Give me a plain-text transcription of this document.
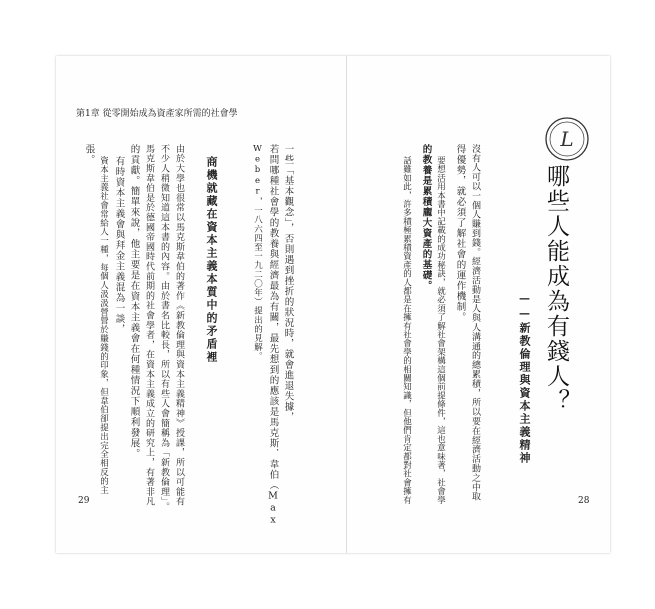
第1章 從零開始成為資產家所需的社會學
一些「基本觀念」，否則遇到挫折的狀況時，就會進退失據，
若問哪種社會學的教養與經濟最為有關，最先想到的應該是馬克斯．韋伯（Max
Weber，一八六四至一九二〇年）提出的見解。
商機就藏在資本主義本質中的矛盾裡
由於大學也很常以馬克斯韋伯的著作《新教倫理與資本主義精神》授課，所以可能有
不少人稍微知道這本書的內容。由於書名比較長，所以有些人會簡稱為「新教倫理」。
馬克斯韋伯是於德國帝國時代前期的社會學者，在資本主義成立的研究上，有著非凡
的貢獻。簡單來說，他主要是在資本主義會在何種情況下順利發展。
有時資本主義會與拜金主義混為一談，
資本主義社會常給人一種，每個人汲汲營營於賺錢的印象，但韋伯卻提出完全相反的主
張。
29
L
哪些人能成為有錢人？
——新教倫理與資本主義精神
沒有人可以一個人賺到錢。經濟活動是人與人溝通的總累積，所以要在經濟活動之中取
得優勢，就必須了解社會的運作機制。
要想活用本書中記載的成功秘訣，就必須了解社會架構這個前提條件，這也意味著，社會學
的教養是累積龐大資產的基礎。
話雖如此，許多積極累積資產的人都是在擁有社會學的相關知識，但他們肯定都對社會擁有	28
